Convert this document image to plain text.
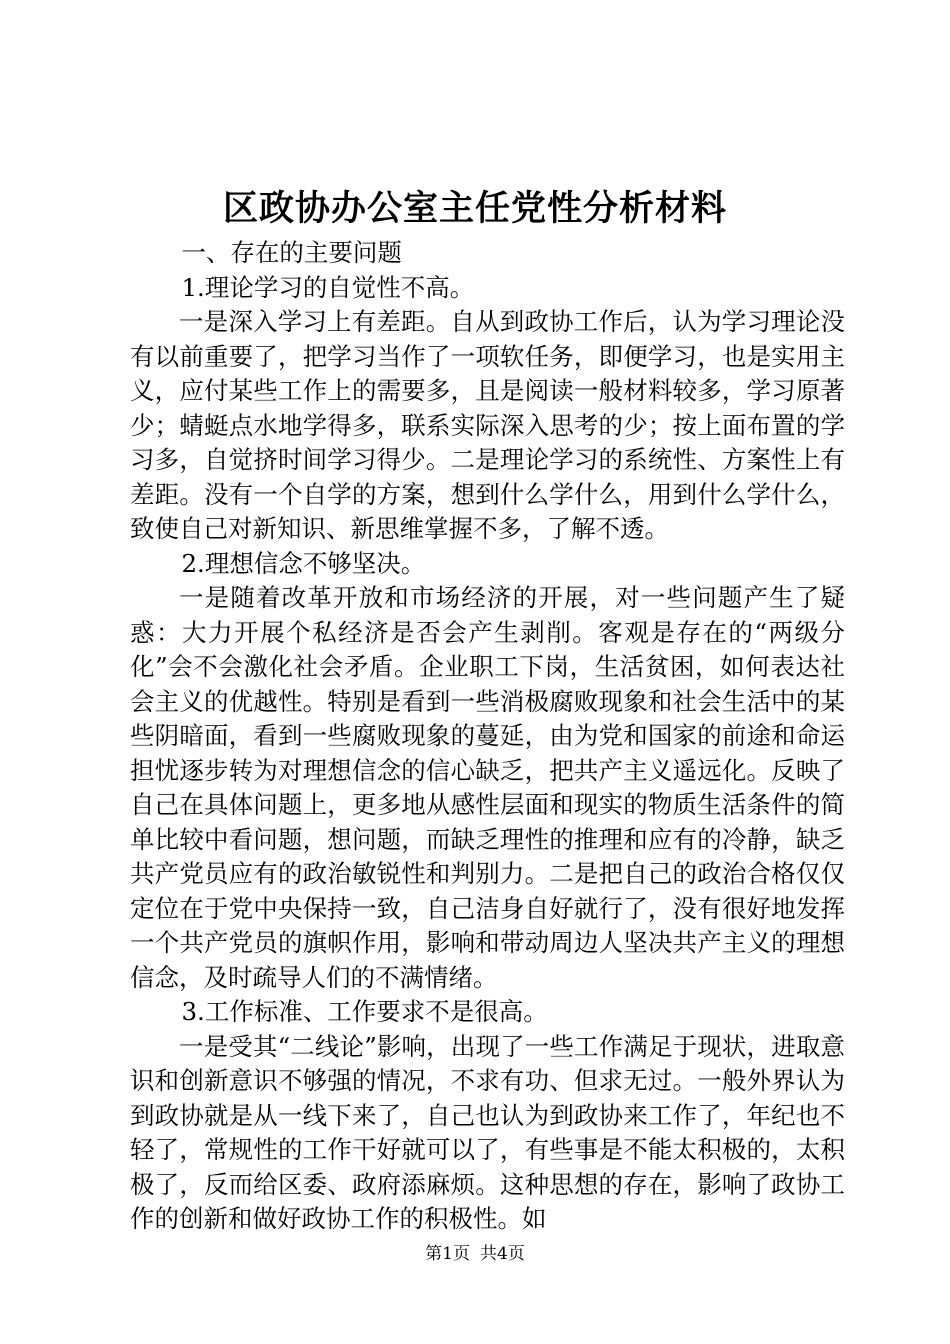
区政协办公室主任党性分析材料

一、存在的主要问题

1.理论学习的自觉性不高。

一是深入学习上有差距。自从到政协工作后，认为学习理论没有以前重要了，把学习当作了一项软任务，即便学习，也是实用主义，应付某些工作上的需要多，且是阅读一般材料较多，学习原著少；蜻蜓点水地学得多，联系实际深入思考的少；按上面布置的学习多，自觉挤时间学习得少。二是理论学习的系统性、方案性上有差距。没有一个自学的方案，想到什么学什么，用到什么学什么，致使自己对新知识、新思维掌握不多，了解不透。

2.理想信念不够坚决。

一是随着改革开放和市场经济的开展，对一些问题产生了疑惑：大力开展个私经济是否会产生剥削。客观是存在的“两级分化”会不会激化社会矛盾。企业职工下岗，生活贫困，如何表达社会主义的优越性。特别是看到一些消极腐败现象和社会生活中的某些阴暗面，看到一些腐败现象的蔓延，由为党和国家的前途和命运担忧逐步转为对理想信念的信心缺乏，把共产主义遥远化。反映了自己在具体问题上，更多地从感性层面和现实的物质生活条件的简单比较中看问题，想问题，而缺乏理性的推理和应有的冷静，缺乏共产党员应有的政治敏锐性和判别力。二是把自己的政治合格仅仅定位在于党中央保持一致，自己洁身自好就行了，没有很好地发挥一个共产党员的旗帜作用，影响和带动周边人坚决共产主义的理想信念，及时疏导人们的不满情绪。

3.工作标准、工作要求不是很高。

一是受其“二线论”影响，出现了一些工作满足于现状，进取意识和创新意识不够强的情况，不求有功、但求无过。一般外界认为到政协就是从一线下来了，自己也认为到政协来工作了，年纪也不轻了，常规性的工作干好就可以了，有些事是不能太积极的，太积极了，反而给区委、政府添麻烦。这种思想的存在，影响了政协工作的创新和做好政协工作的积极性。如

第1页 共4页
